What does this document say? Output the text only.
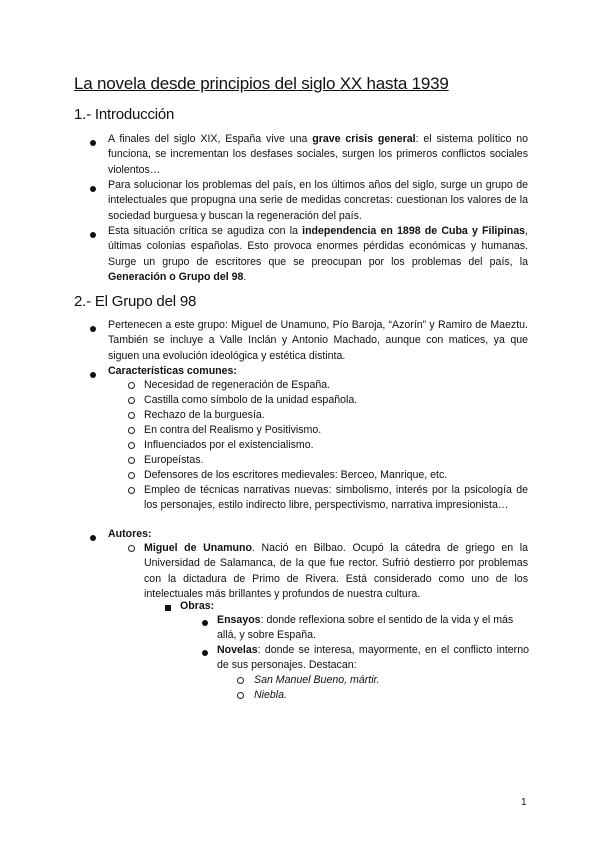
La novela desde principios del siglo XX hasta 1939
1.- Introducción
A finales del siglo XIX, España vive una grave crisis general: el sistema político no funciona, se incrementan los desfases sociales, surgen los primeros conflictos sociales violentos…
Para solucionar los problemas del país, en los últimos años del siglo, surge un grupo de intelectuales que propugna una serie de medidas concretas: cuestionan los valores de la sociedad burguesa y buscan la regeneración del país.
Esta situación crítica se agudiza con la independencia en 1898 de Cuba y Filipinas, últimas colonias españolas. Esto provoca enormes pérdidas económicas y humanas. Surge un grupo de escritores que se preocupan por los problemas del país, la Generación o Grupo del 98.
2.- El Grupo del 98
Pertenecen a este grupo: Miguel de Unamuno, Pío Baroja, “Azorín” y Ramiro de Maeztu. También se incluye a Valle Inclán y Antonio Machado, aunque con matices, ya que siguen una evolución ideológica y estética distinta.
Características comunes:
Necesidad de regeneración de España.
Castilla como símbolo de la unidad española.
Rechazo de la burguesía.
En contra del Realismo y Positivismo.
Influenciados por el existencialismo.
Europeístas.
Defensores de los escritores medievales: Berceo, Manrique, etc.
Empleo de técnicas narrativas nuevas: simbolismo, interés por la psicología de los personajes, estilo indirecto libre, perspectivismo, narrativa impresionista…
Autores:
Miguel de Unamuno. Nació en Bilbao. Ocupó la cátedra de griego en la Universidad de Salamanca, de la que fue rector. Sufrió destierro por problemas con la dictadura de Primo de Rivera. Está considerado como uno de los intelectuales más brillantes y profundos de nuestra cultura.
Obras:
Ensayos: donde reflexiona sobre el sentido de la vida y el más allá, y sobre España.
Novelas: donde se interesa, mayormente, en el conflicto interno de sus personajes. Destacan:
San Manuel Bueno, mártir.
Niebla.
1
